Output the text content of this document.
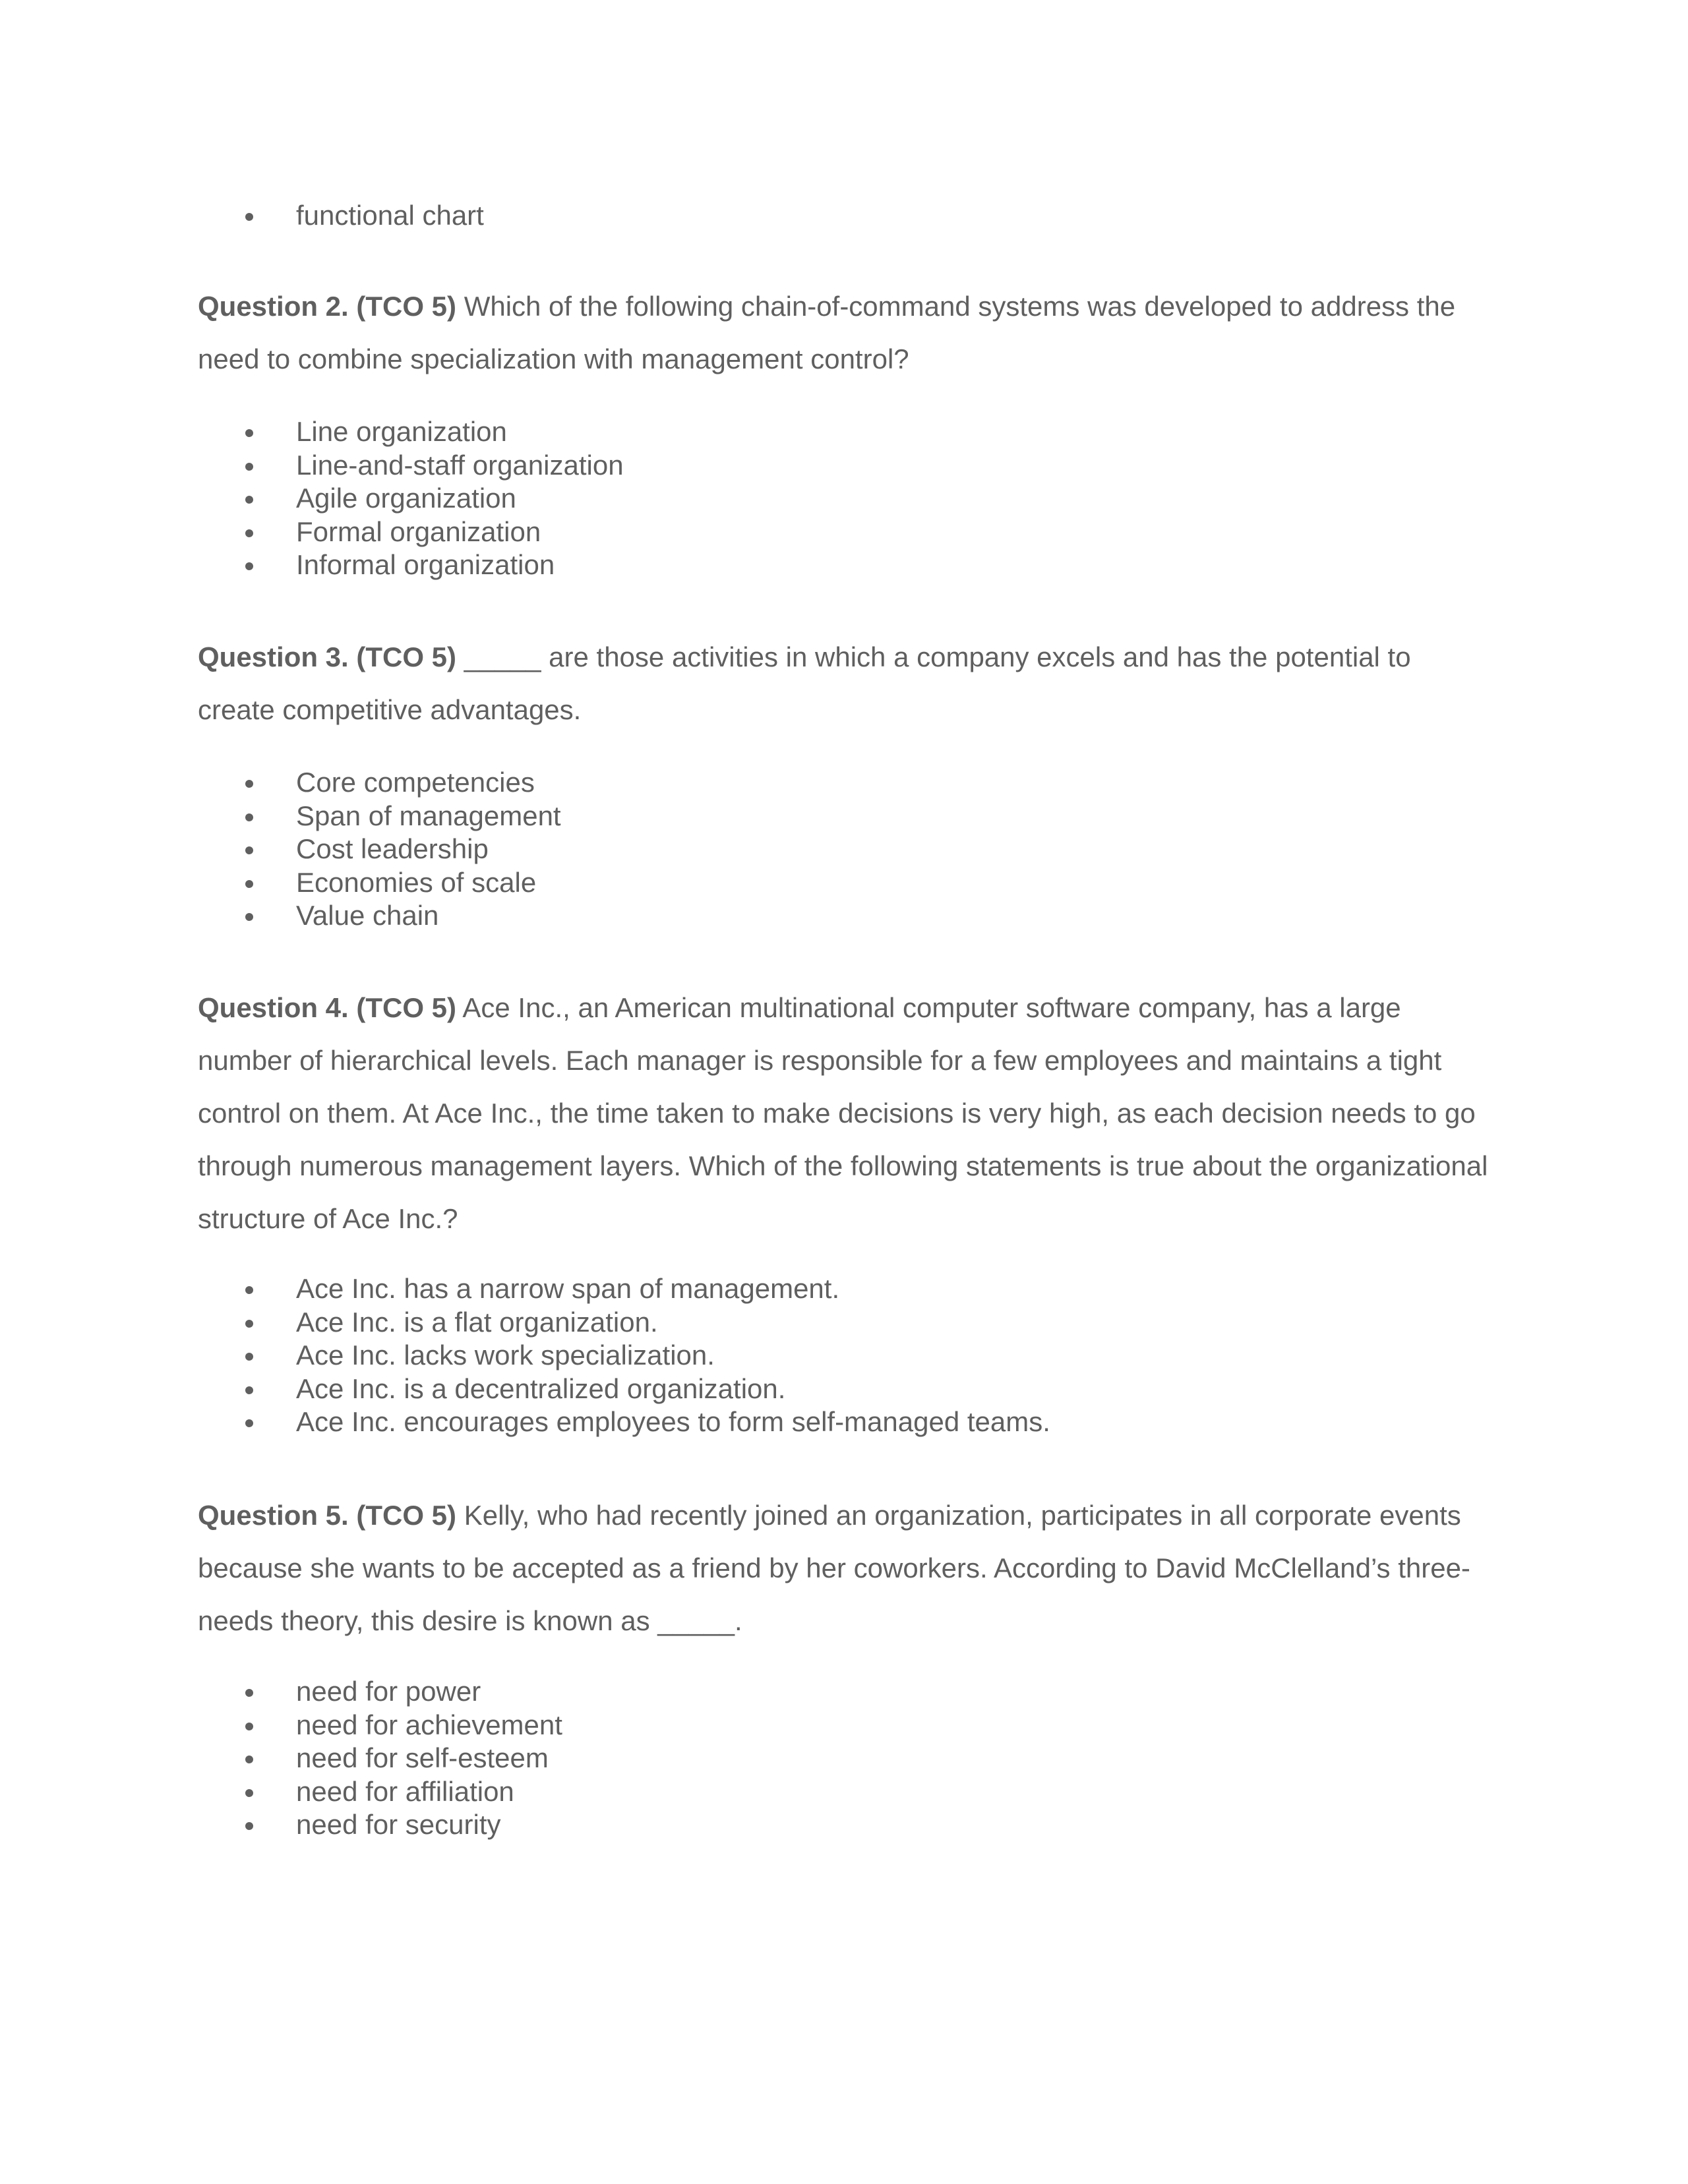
functional chart

Question 2. (TCO 5) Which of the following chain-of-command systems was developed to address the need to combine specialization with management control?

Line organization
Line-and-staff organization
Agile organization
Formal organization
Informal organization

Question 3. (TCO 5) _____ are those activities in which a company excels and has the potential to create competitive advantages.

Core competencies
Span of management
Cost leadership
Economies of scale
Value chain

Question 4. (TCO 5) Ace Inc., an American multinational computer software company, has a large number of hierarchical levels. Each manager is responsible for a few employees and maintains a tight control on them. At Ace Inc., the time taken to make decisions is very high, as each decision needs to go through numerous management layers. Which of the following statements is true about the organizational structure of Ace Inc.?

Ace Inc. has a narrow span of management.
Ace Inc. is a flat organization.
Ace Inc. lacks work specialization.
Ace Inc. is a decentralized organization.
Ace Inc. encourages employees to form self-managed teams.

Question 5. (TCO 5) Kelly, who had recently joined an organization, participates in all corporate events because she wants to be accepted as a friend by her coworkers. According to David McClelland’s three-needs theory, this desire is known as _____.

need for power
need for achievement
need for self-esteem
need for affiliation
need for security
